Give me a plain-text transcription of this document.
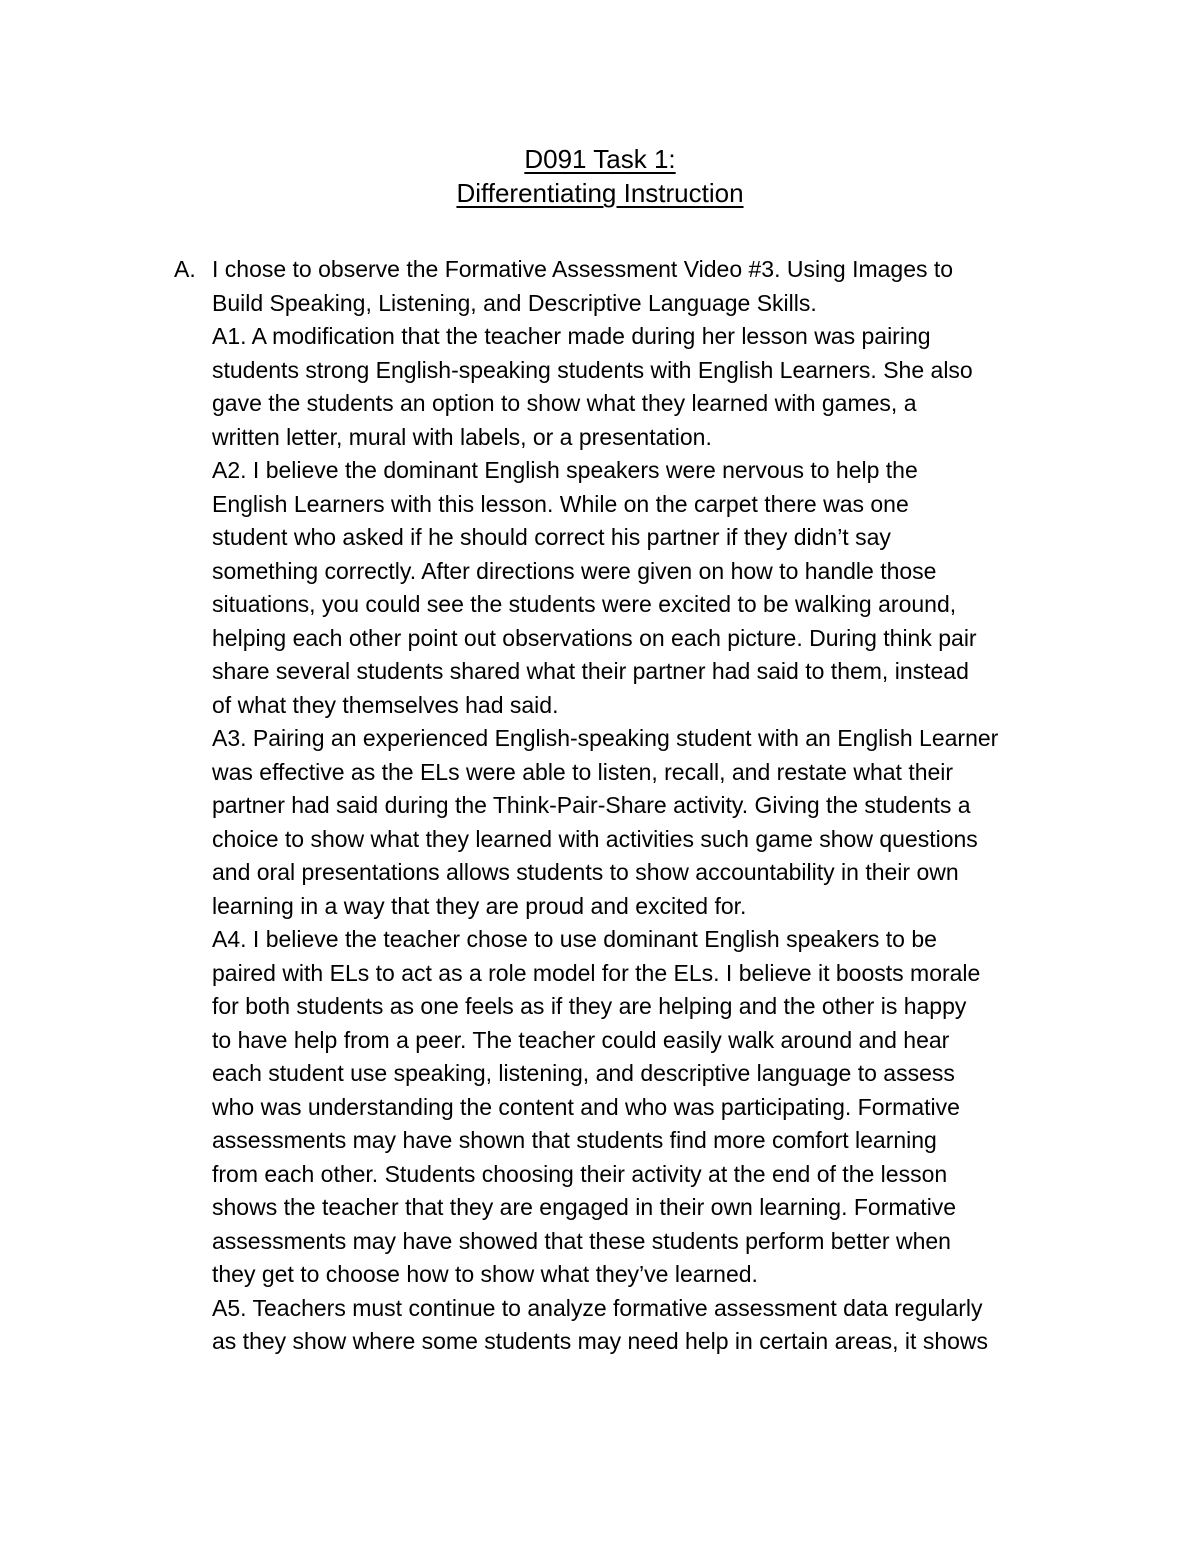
D091 Task 1:
Differentiating Instruction
A. I chose to observe the Formative Assessment Video #3. Using Images to
Build Speaking, Listening, and Descriptive Language Skills.
A1. A modification that the teacher made during her lesson was pairing
students strong English-speaking students with English Learners. She also
gave the students an option to show what they learned with games, a
written letter, mural with labels, or a presentation.
A2. I believe the dominant English speakers were nervous to help the
English Learners with this lesson. While on the carpet there was one
student who asked if he should correct his partner if they didn’t say
something correctly. After directions were given on how to handle those
situations, you could see the students were excited to be walking around,
helping each other point out observations on each picture. During think pair
share several students shared what their partner had said to them, instead
of what they themselves had said.
A3. Pairing an experienced English-speaking student with an English Learner
was effective as the ELs were able to listen, recall, and restate what their
partner had said during the Think-Pair-Share activity. Giving the students a
choice to show what they learned with activities such game show questions
and oral presentations allows students to show accountability in their own
learning in a way that they are proud and excited for.
A4. I believe the teacher chose to use dominant English speakers to be
paired with ELs to act as a role model for the ELs. I believe it boosts morale
for both students as one feels as if they are helping and the other is happy
to have help from a peer. The teacher could easily walk around and hear
each student use speaking, listening, and descriptive language to assess
who was understanding the content and who was participating. Formative
assessments may have shown that students find more comfort learning
from each other. Students choosing their activity at the end of the lesson
shows the teacher that they are engaged in their own learning. Formative
assessments may have showed that these students perform better when
they get to choose how to show what they’ve learned.
A5. Teachers must continue to analyze formative assessment data regularly
as they show where some students may need help in certain areas, it shows
